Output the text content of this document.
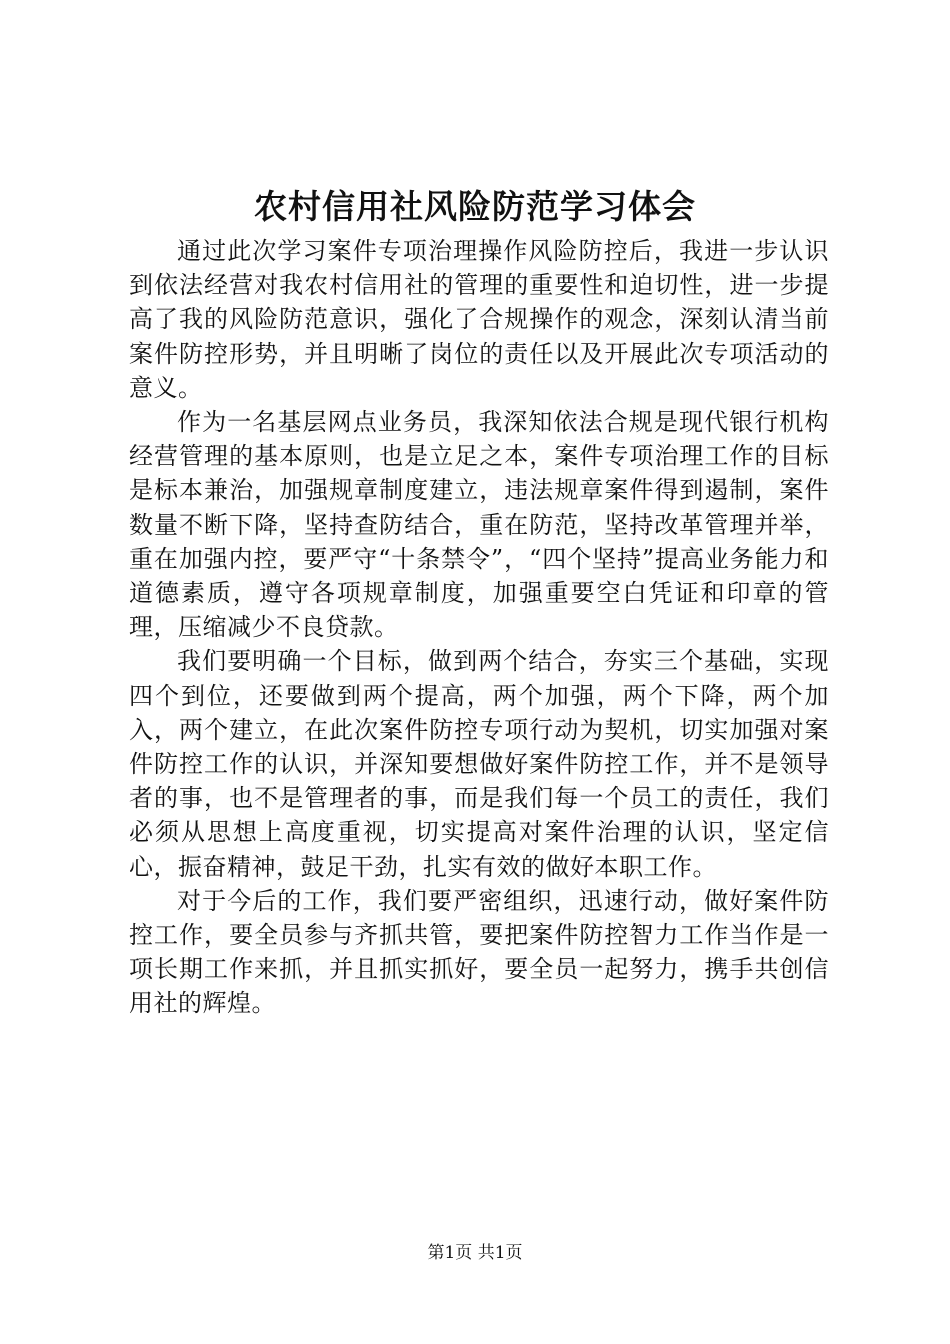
农村信用社风险防范学习体会

通过此次学习案件专项治理操作风险防控后，我进一步认识到依法经营对我农村信用社的管理的重要性和迫切性，进一步提高了我的风险防范意识，强化了合规操作的观念，深刻认清当前案件防控形势，并且明晰了岗位的责任以及开展此次专项活动的意义。

作为一名基层网点业务员，我深知依法合规是现代银行机构经营管理的基本原则，也是立足之本，案件专项治理工作的目标是标本兼治，加强规章制度建立，违法规章案件得到遏制，案件数量不断下降，坚持查防结合，重在防范，坚持改革管理并举，重在加强内控，要严守“十条禁令”，“四个坚持”提高业务能力和道德素质，遵守各项规章制度，加强重要空白凭证和印章的管理，压缩减少不良贷款。

我们要明确一个目标，做到两个结合，夯实三个基础，实现四个到位，还要做到两个提高，两个加强，两个下降，两个加入，两个建立，在此次案件防控专项行动为契机，切实加强对案件防控工作的认识，并深知要想做好案件防控工作，并不是领导者的事，也不是管理者的事，而是我们每一个员工的责任，我们必须从思想上高度重视，切实提高对案件治理的认识，坚定信心，振奋精神，鼓足干劲，扎实有效的做好本职工作。

对于今后的工作，我们要严密组织，迅速行动，做好案件防控工作，要全员参与齐抓共管，要把案件防控智力工作当作是一项长期工作来抓，并且抓实抓好，要全员一起努力，携手共创信用社的辉煌。

第1页 共1页
